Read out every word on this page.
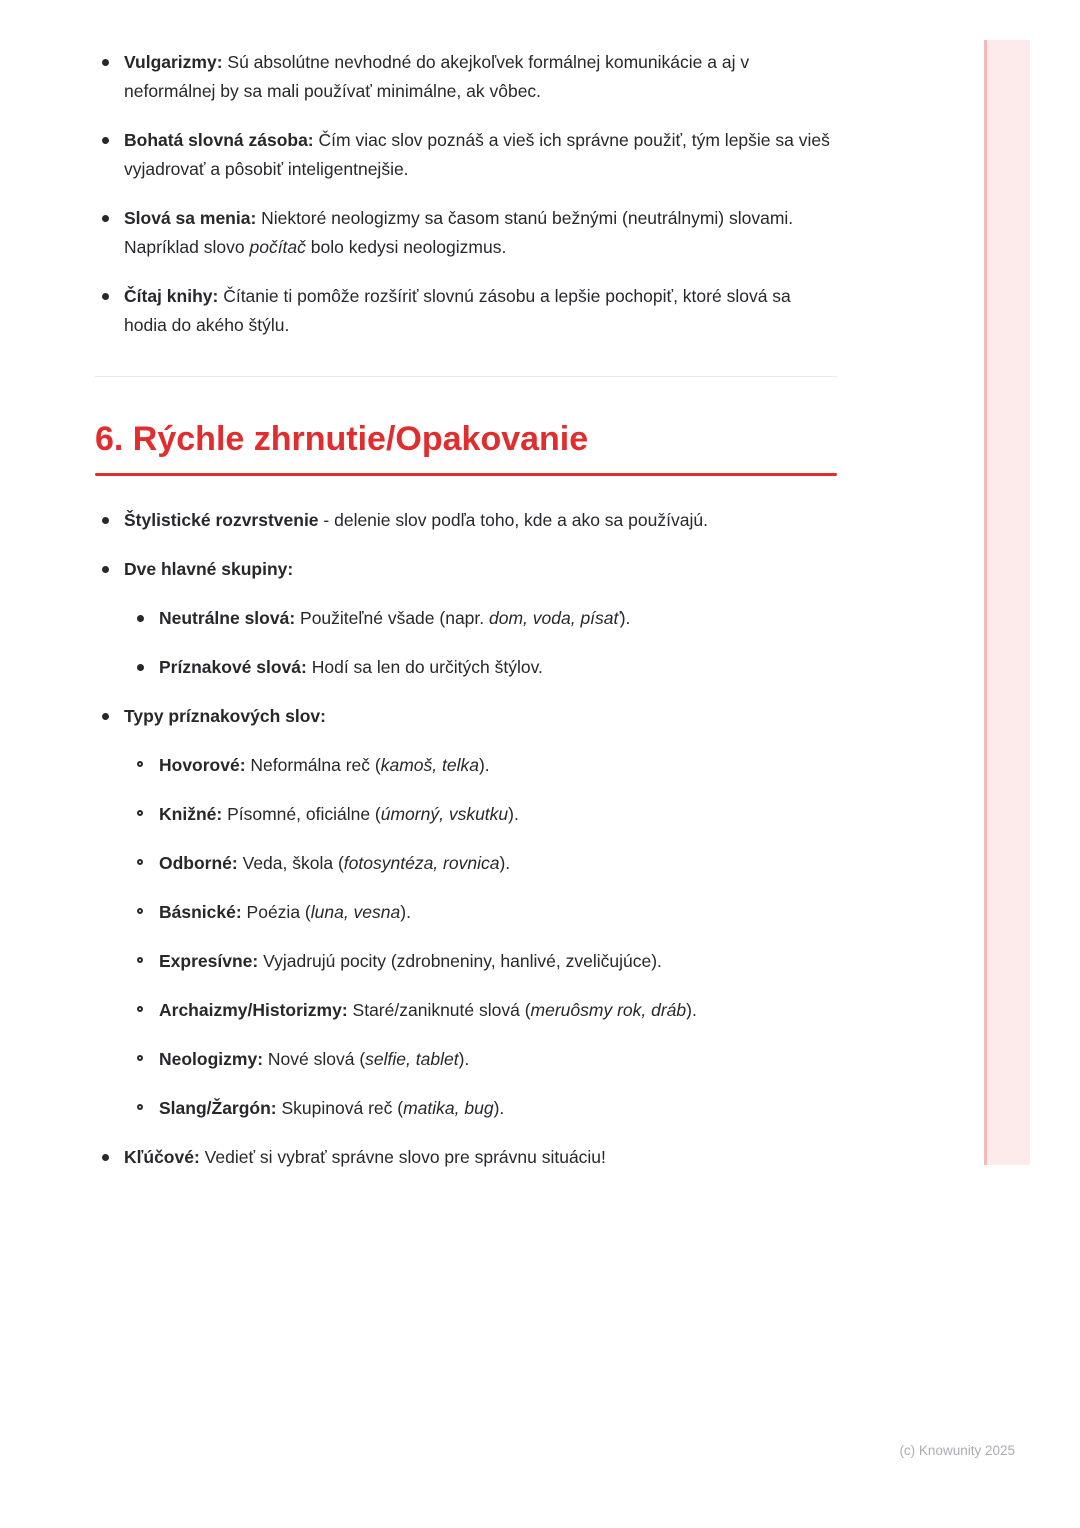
Vulgarizmy: Sú absolútne nevhodné do akejkoľvek formálnej komunikácie a aj v neformálnej by sa mali používať minimálne, ak vôbec.
Bohatá slovná zásoba: Čím viac slov poznáš a vieš ich správne použiť, tým lepšie sa vieš vyjadrovať a pôsobiť inteligentnejšie.
Slová sa menia: Niektoré neologizmy sa časom stanú bežnými (neutrálnymi) slovami. Napríklad slovo počítač bolo kedysi neologizmus.
Čítaj knihy: Čítanie ti pomôže rozšíriť slovnú zásobu a lepšie pochopiť, ktoré slová sa hodia do akého štýlu.
6. Rýchle zhrnutie/Opakovanie
Štylistické rozvrstvenie - delenie slov podľa toho, kde a ako sa používajú.
Dve hlavné skupiny:
Neutrálne slová: Použiteľné všade (napr. dom, voda, písať).
Príznakové slová: Hodí sa len do určitých štýlov.
Typy príznakových slov:
Hovorové: Neformálna reč (kamoš, telka).
Knižné: Písomné, oficiálne (úmorný, vskutku).
Odborné: Veda, škola (fotosyntéza, rovnica).
Básnické: Poézia (luna, vesna).
Expresívne: Vyjadrujú pocity (zdrobneniny, hanlivé, zveličujúce).
Archaizmy/Historizmy: Staré/zaniknuté slová (meruôsmy rok, dráb).
Neologizmy: Nové slová (selfie, tablet).
Slang/Žargón: Skupinová reč (matika, bug).
Kľúčové: Vedieť si vybrať správne slovo pre správnu situáciu!
(c) Knowunity 2025
